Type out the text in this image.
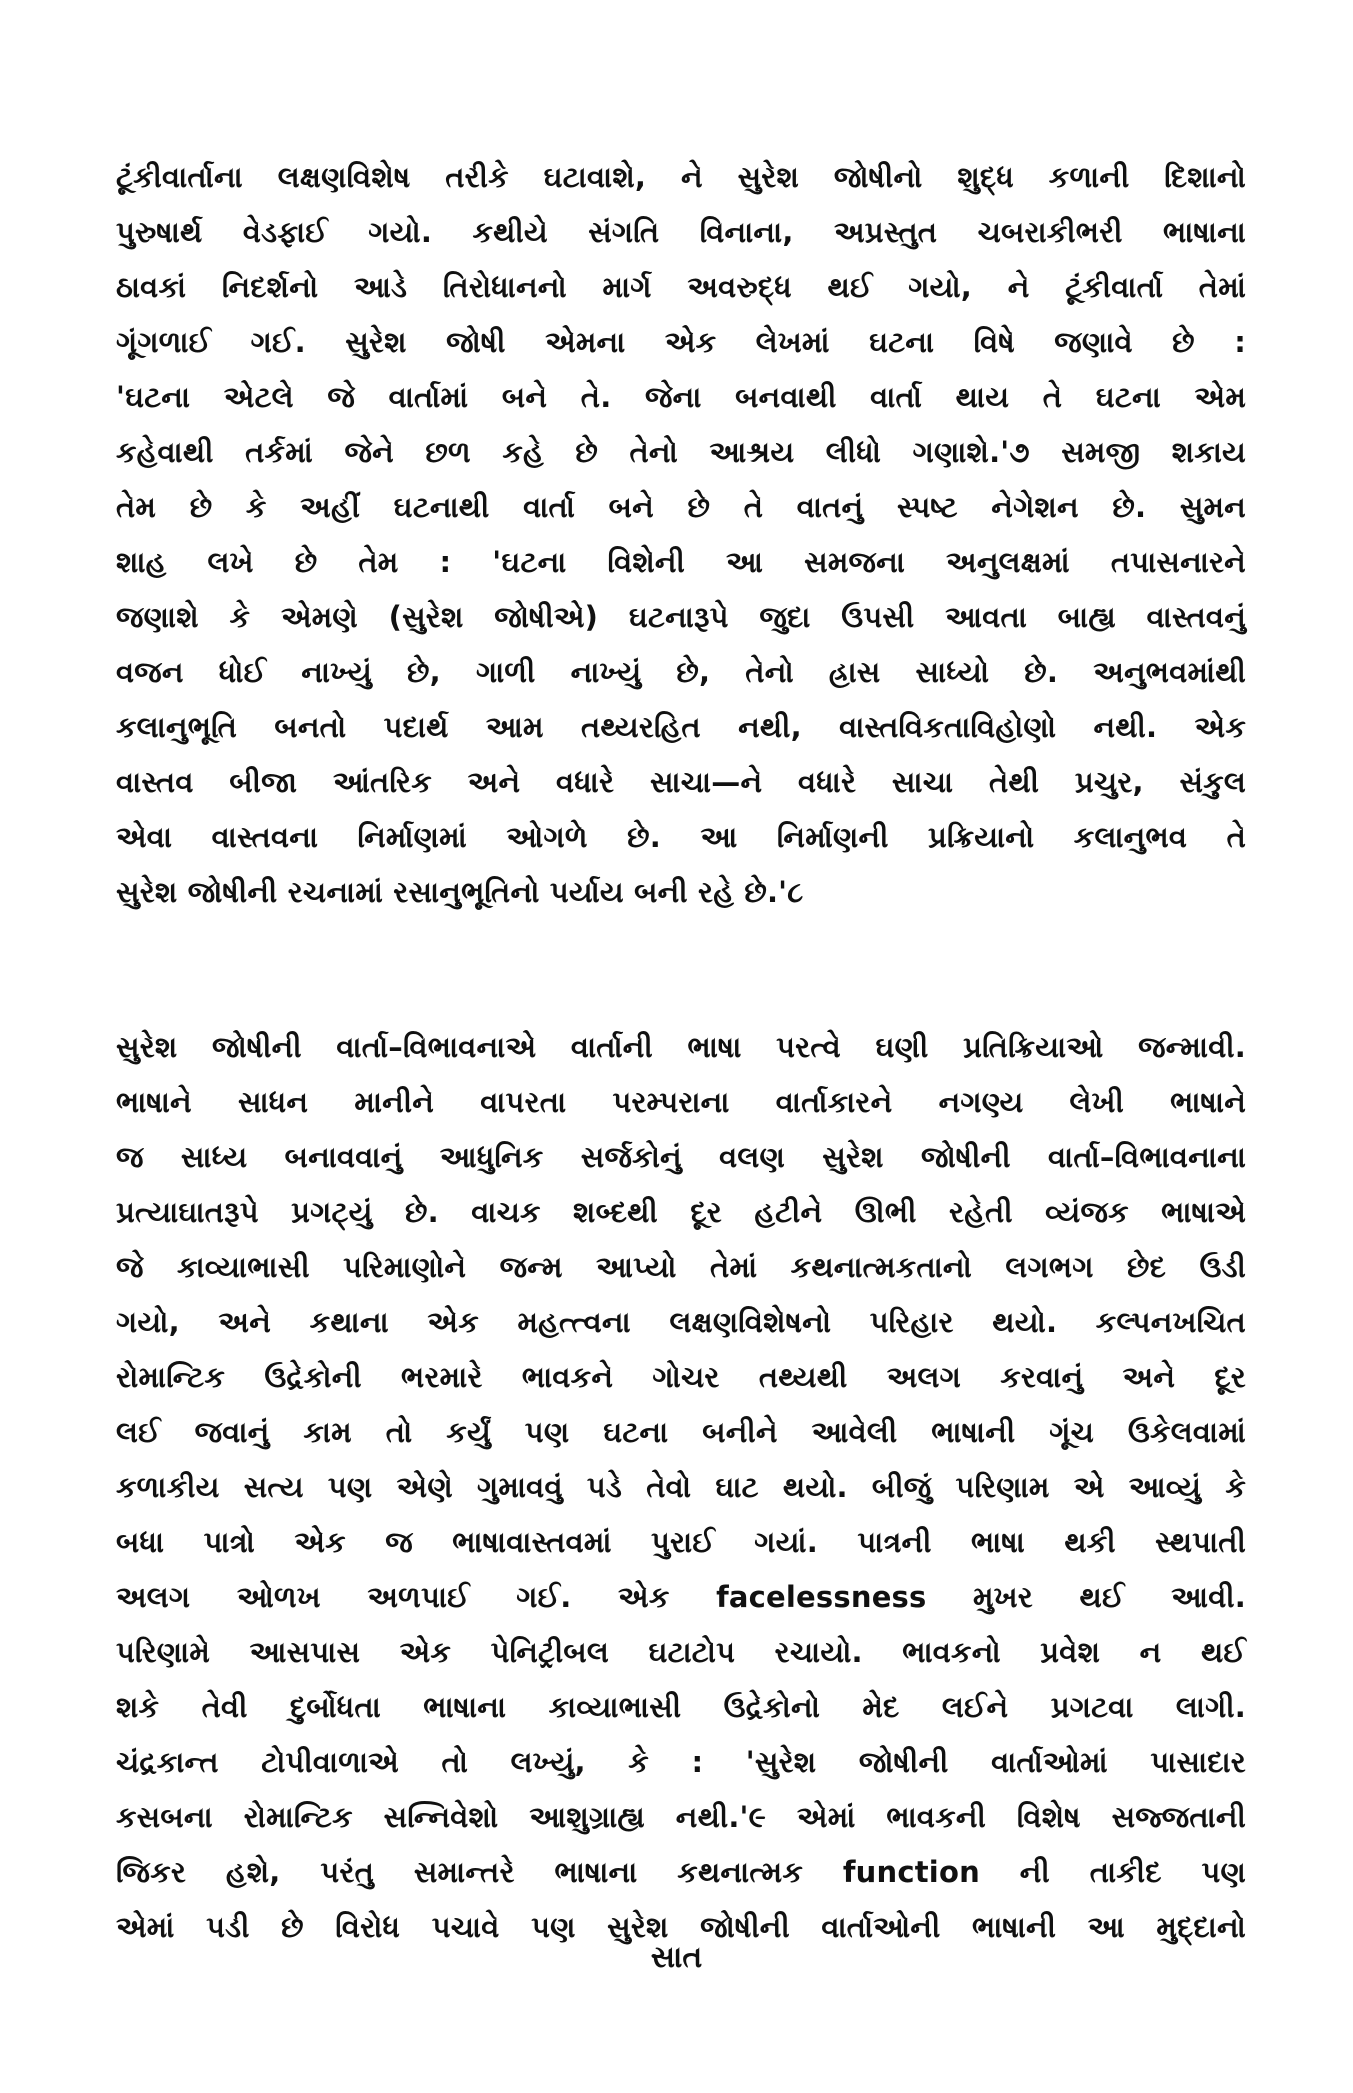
ટૂંકીવાર્તાના લક્ષણવિશેષ તરીકે ઘટાવાશે, ને સુરેશ જોષીનો શુદ્ધ કળાની દિશાનો
પુરુષાર્થ વેડફાઈ ગયો. કથીયે સંગતિ વિનાના, અપ્રસ્તુત ચબરાકીભરી ભાષાના
ઠાવકાં નિદર્શનો આડે તિરોધાનનો માર્ગ અવરુદ્ધ થઈ ગયો, ને ટૂંકીવાર્તા તેમાં
ગૂંગળાઈ ગઈ. સુરેશ જોષી એમના એક લેખમાં ઘટના વિષે જણાવે છે :
'ઘટના એટલે જે વાર્તામાં બને તે. જેના બનવાથી વાર્તા થાય તે ઘટના એમ
કહેવાથી તર્કમાં જેને છળ કહે છે તેનો આશ્રય લીધો ગણાશે.'૭ સમજી શકાય
તેમ છે કે અહીં ઘટનાથી વાર્તા બને છે તે વાતનું સ્પષ્ટ નેગેશન છે. સુમન
શાહ લખે છે તેમ : 'ઘટના વિશેની આ સમજના અનુલક્ષમાં તપાસનારને
જણાશે કે એમણે (સુરેશ જોષીએ) ઘટનારૂપે જુદા ઉપસી આવતા બાહ્ય વાસ્તવનું
વજન ધોઈ નાખ્યું છે, ગાળી નાખ્યું છે, તેનો હ્રાસ સાધ્યો છે. અનુભવમાંથી
કલાનુભૂતિ બનતો પદાર્થ આમ તથ્યરહિત નથી, વાસ્તવિકતાવિહોણો નથી. એક
વાસ્તવ બીજા આંતરિક અને વધારે સાચા—ને વધારે સાચા તેથી પ્રચુર, સંકુલ
એવા વાસ્તવના નિર્માણમાં ઓગળે છે. આ નિર્માણની પ્રક્રિયાનો કલાનુભવ તે
સુરેશ જોષીની રચનામાં રસાનુભૂતિનો પર્યાય બની રહે છે.'૮
સુરેશ જોષીની વાર્તા–વિભાવનાએ વાર્તાની ભાષા પરત્વે ઘણી પ્રતિક્રિયાઓ જન્માવી.
ભાષાને સાધન માનીને વાપરતા પરમ્પરાના વાર્તાકારને નગણ્ય લેખી ભાષાને
જ સાધ્ય બનાવવાનું આધુનિક સર્જકોનું વલણ સુરેશ જોષીની વાર્તા–વિભાવનાના
પ્રત્યાઘાતરૂપે પ્રગટ્યું છે. વાચક શબ્દથી દૂર હટીને ઊભી રહેતી વ્યંજક ભાષાએ
જે કાવ્યાભાસી પરિમાણોને જન્મ આપ્યો તેમાં કથનાત્મકતાનો લગભગ છેદ ઉડી
ગયો, અને કથાના એક મહત્ત્વના લક્ષણવિશેષનો પરિહાર થયો. કલ્પનખચિત
રોમાન્ટિક ઉદ્રેકોની ભરમારે ભાવકને ગોચર તથ્યથી અલગ કરવાનું અને દૂર
લઈ જવાનું કામ તો કર્યું પણ ઘટના બનીને આવેલી ભાષાની ગૂંચ ઉકેલવામાં
કળાકીય સત્ય પણ એણે ગુમાવવું પડે તેવો ઘાટ થયો. બીજું પરિણામ એ આવ્યું કે
બધા પાત્રો એક જ ભાષાવાસ્તવમાં પુરાઈ ગયાં. પાત્રની ભાષા થકી સ્થપાતી
અલગ ઓળખ અળપાઈ ગઈ. એક facelessness મુખર થઈ આવી.
પરિણામે આસપાસ એક પેનિટ્રીબલ ઘટાટોપ રચાયો. ભાવકનો પ્રવેશ ન થઈ
શકે તેવી દુર્બોધતા ભાષાના કાવ્યાભાસી ઉદ્રેકોનો મેદ લઈને પ્રગટવા લાગી.
ચંદ્રકાન્ત ટોપીવાળાએ તો લખ્યું, કે : 'સુરેશ જોષીની વાર્તાઓમાં પાસાદાર
કસબના રોમાન્ટિક સન્નિવેશો આશુગ્રાહ્ય નથી.'૯ એમાં ભાવકની વિશેષ સજ્જતાની
જિકર હશે, પરંતુ સમાન્તરે ભાષાના કથનાત્મક function ની તાકીદ પણ
એમાં પડી છે વિરોધ પચાવે પણ સુરેશ જોષીની વાર્તાઓની ભાષાની આ મુદ્દાનો
સાત
